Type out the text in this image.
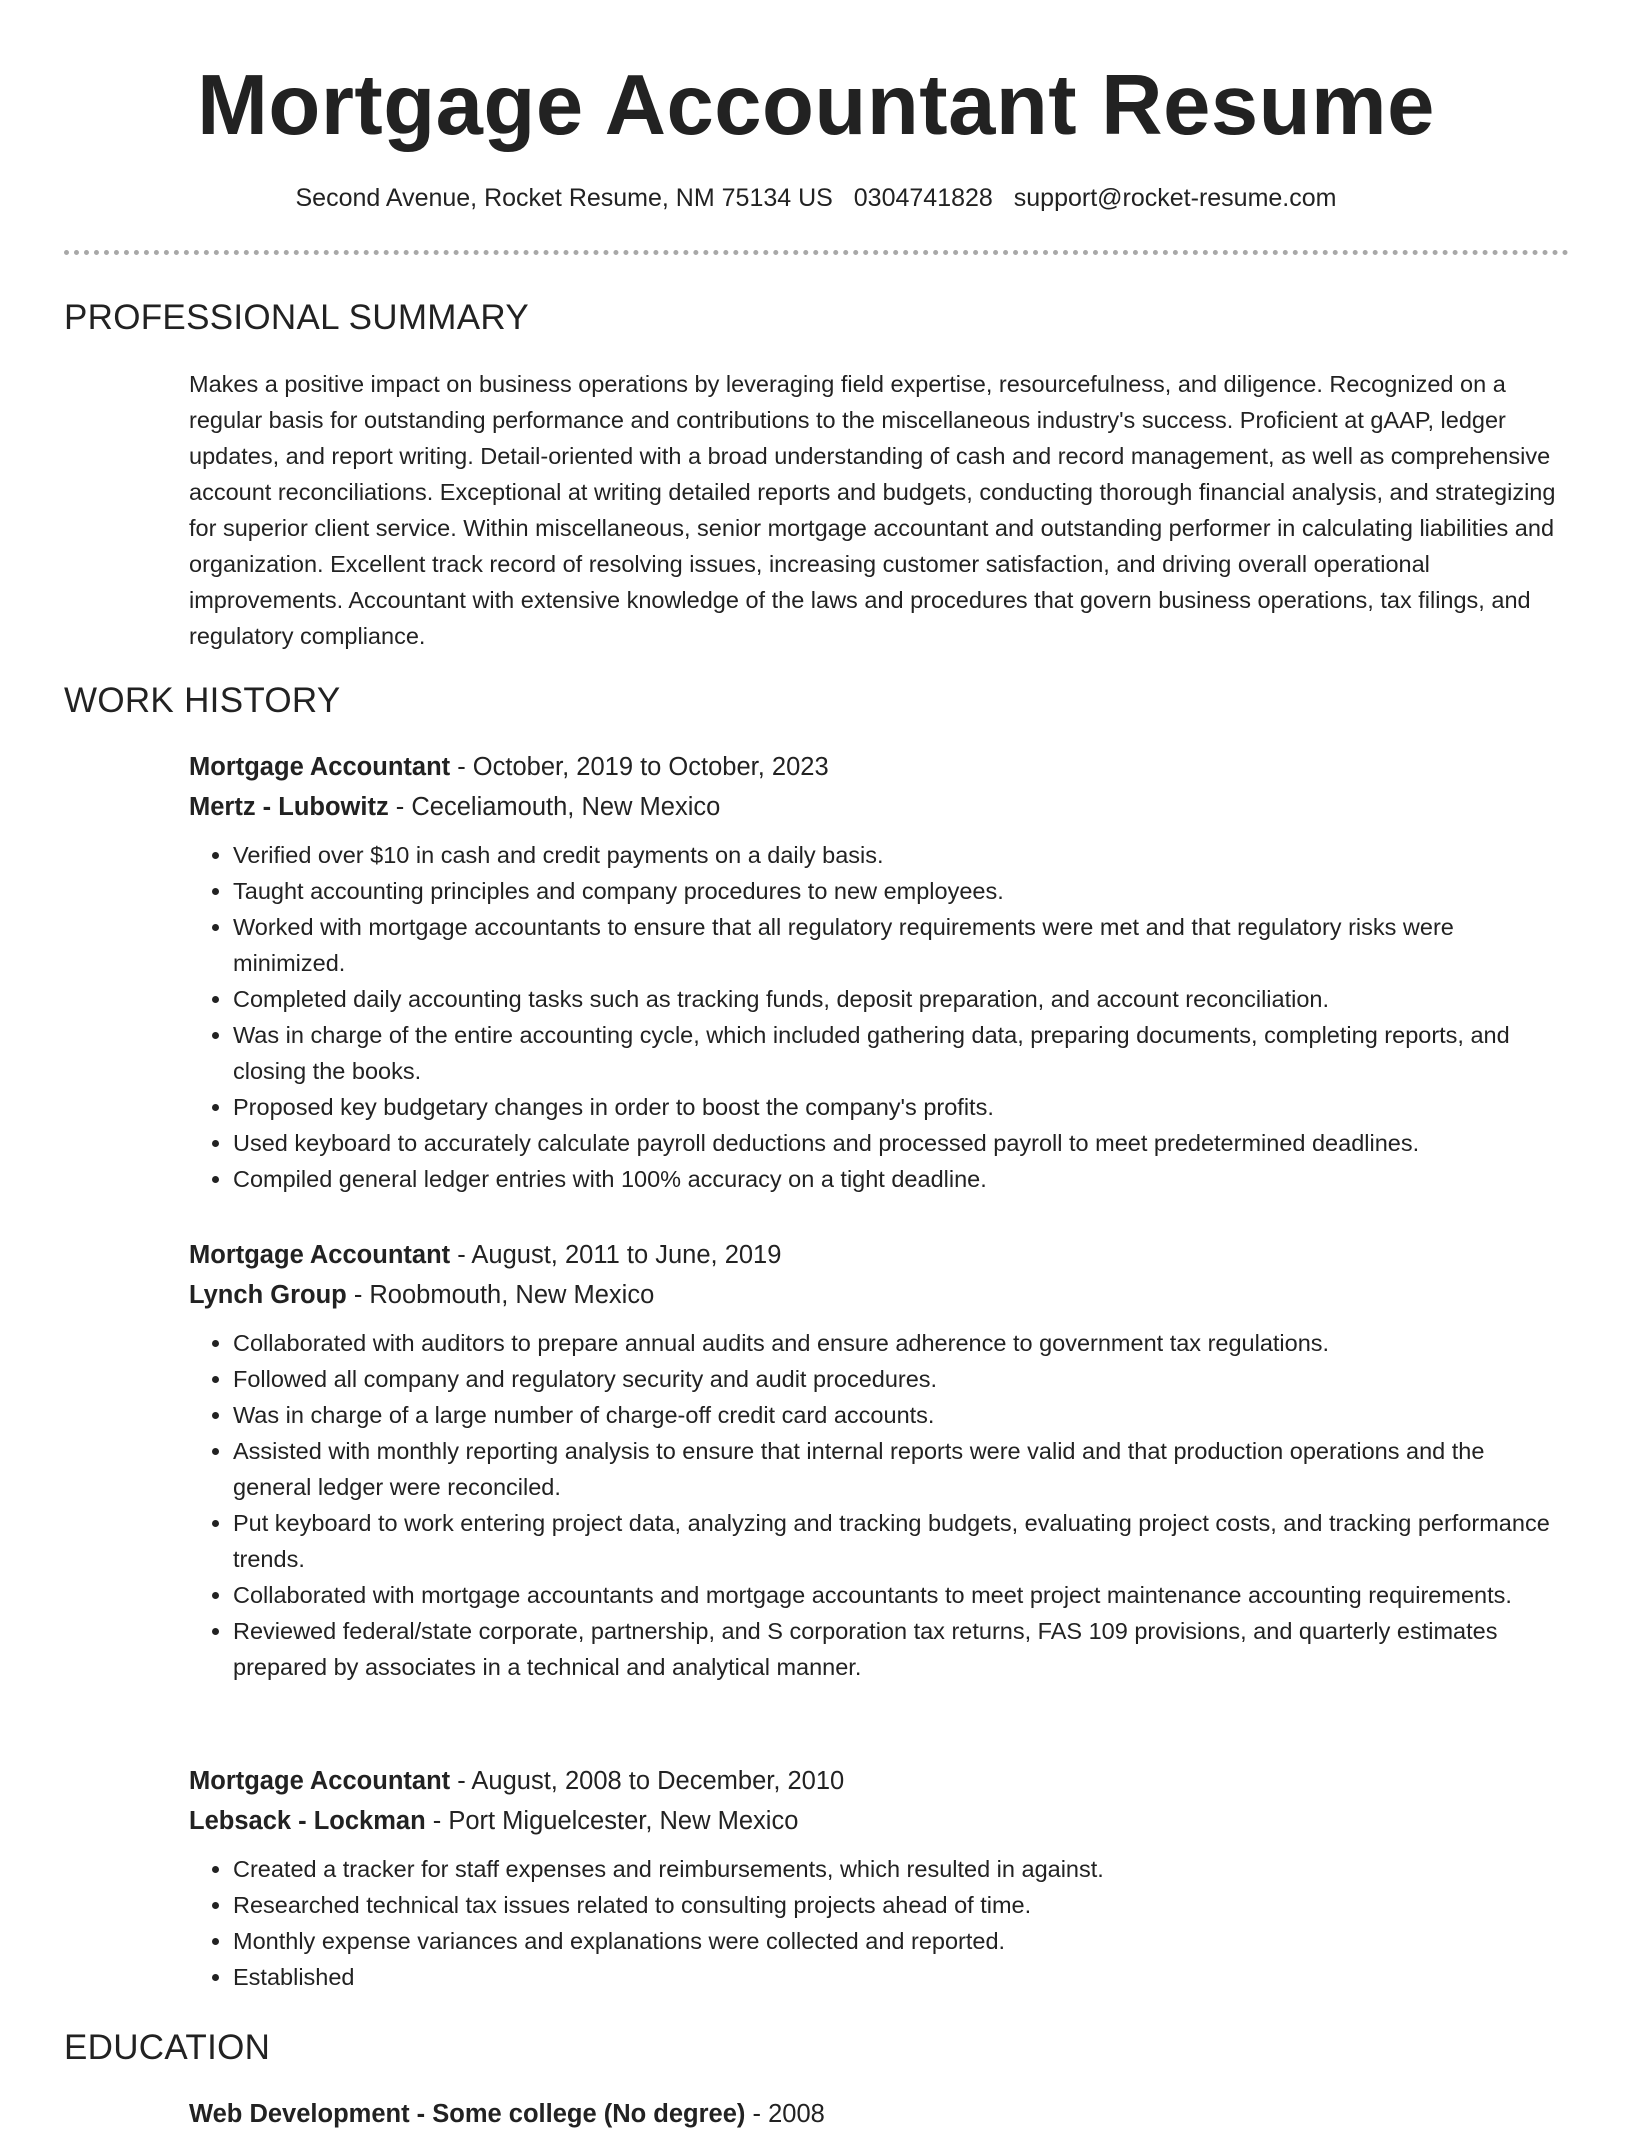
Mortgage Accountant Resume
Second Avenue, Rocket Resume, NM 75134 US 0304741828 support@rocket-resume.com
PROFESSIONAL SUMMARY

Makes a positive impact on business operations by leveraging field expertise, resourcefulness, and diligence. Recognized on a regular basis for outstanding performance and contributions to the miscellaneous industry's success. Proficient at gAAP, ledger updates, and report writing. Detail-oriented with a broad understanding of cash and record management, as well as comprehensive account reconciliations. Exceptional at writing detailed reports and budgets, conducting thorough financial analysis, and strategizing for superior client service. Within miscellaneous, senior mortgage accountant and outstanding performer in calculating liabilities and organization. Excellent track record of resolving issues, increasing customer satisfaction, and driving overall operational improvements. Accountant with extensive knowledge of the laws and procedures that govern business operations, tax filings, and regulatory compliance.

WORK HISTORY
Mortgage Accountant - October, 2019 to October, 2023
Mertz - Lubowitz - Ceceliamouth, New Mexico
• Verified over $10 in cash and credit payments on a daily basis.
• Taught accounting principles and company procedures to new employees.
• Worked with mortgage accountants to ensure that all regulatory requirements were met and that regulatory risks were minimized.
• Completed daily accounting tasks such as tracking funds, deposit preparation, and account reconciliation.
• Was in charge of the entire accounting cycle, which included gathering data, preparing documents, completing reports, and closing the books.
• Proposed key budgetary changes in order to boost the company's profits.
• Used keyboard to accurately calculate payroll deductions and processed payroll to meet predetermined deadlines.
• Compiled general ledger entries with 100% accuracy on a tight deadline.
Mortgage Accountant - August, 2011 to June, 2019
Lynch Group - Roobmouth, New Mexico
• Collaborated with auditors to prepare annual audits and ensure adherence to government tax regulations.
• Followed all company and regulatory security and audit procedures.
• Was in charge of a large number of charge-off credit card accounts.
• Assisted with monthly reporting analysis to ensure that internal reports were valid and that production operations and the general ledger were reconciled.
• Put keyboard to work entering project data, analyzing and tracking budgets, evaluating project costs, and tracking performance trends.
• Collaborated with mortgage accountants and mortgage accountants to meet project maintenance accounting requirements.
• Reviewed federal/state corporate, partnership, and S corporation tax returns, FAS 109 provisions, and quarterly estimates prepared by associates in a technical and analytical manner.
Mortgage Accountant - August, 2008 to December, 2010
Lebsack - Lockman - Port Miguelcester, New Mexico
• Created a tracker for staff expenses and reimbursements, which resulted in against.
• Researched technical tax issues related to consulting projects ahead of time.
• Monthly expense variances and explanations were collected and reported.
• Established
EDUCATION
Web Development - Some college (No degree) - 2008
